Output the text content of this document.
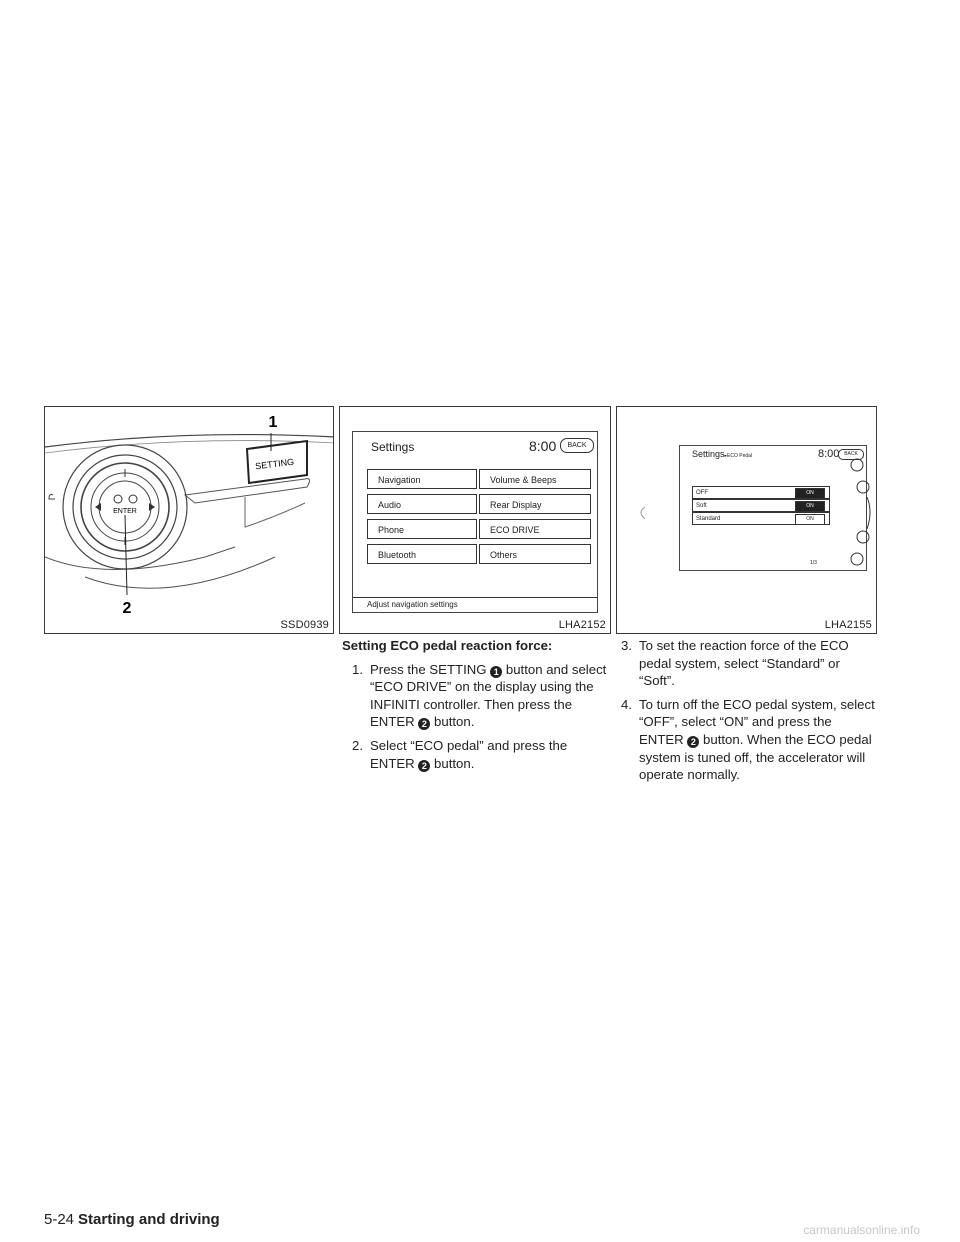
ENTER
SETTING
1
2
SSD0939
Settings	8:00	BACK
Navigation
Audio
Phone
Bluetooth
Volume & Beeps
Rear Display
ECO DRIVE
Others
Adjust navigation settings
LHA2152
Settings▸ECO Pedal	8:00 BACK
OFF	ON
Soft	ON
Standard	ON
1/3
LHA2155
Setting ECO pedal reaction force:
1. Press the SETTING 1 button and select “ECO DRIVE” on the display using the INFINITI controller. Then press the ENTER 2 button.
2. Select “ECO pedal” and press the ENTER 2 button.
3. To set the reaction force of the ECO pedal system, select “Standard” or “Soft”.
4. To turn off the ECO pedal system, select “OFF”, select “ON” and press the ENTER 2 button. When the ECO pedal system is tuned off, the accelerator will operate normally.
5-24 Starting and driving
carmanualsonline.info
